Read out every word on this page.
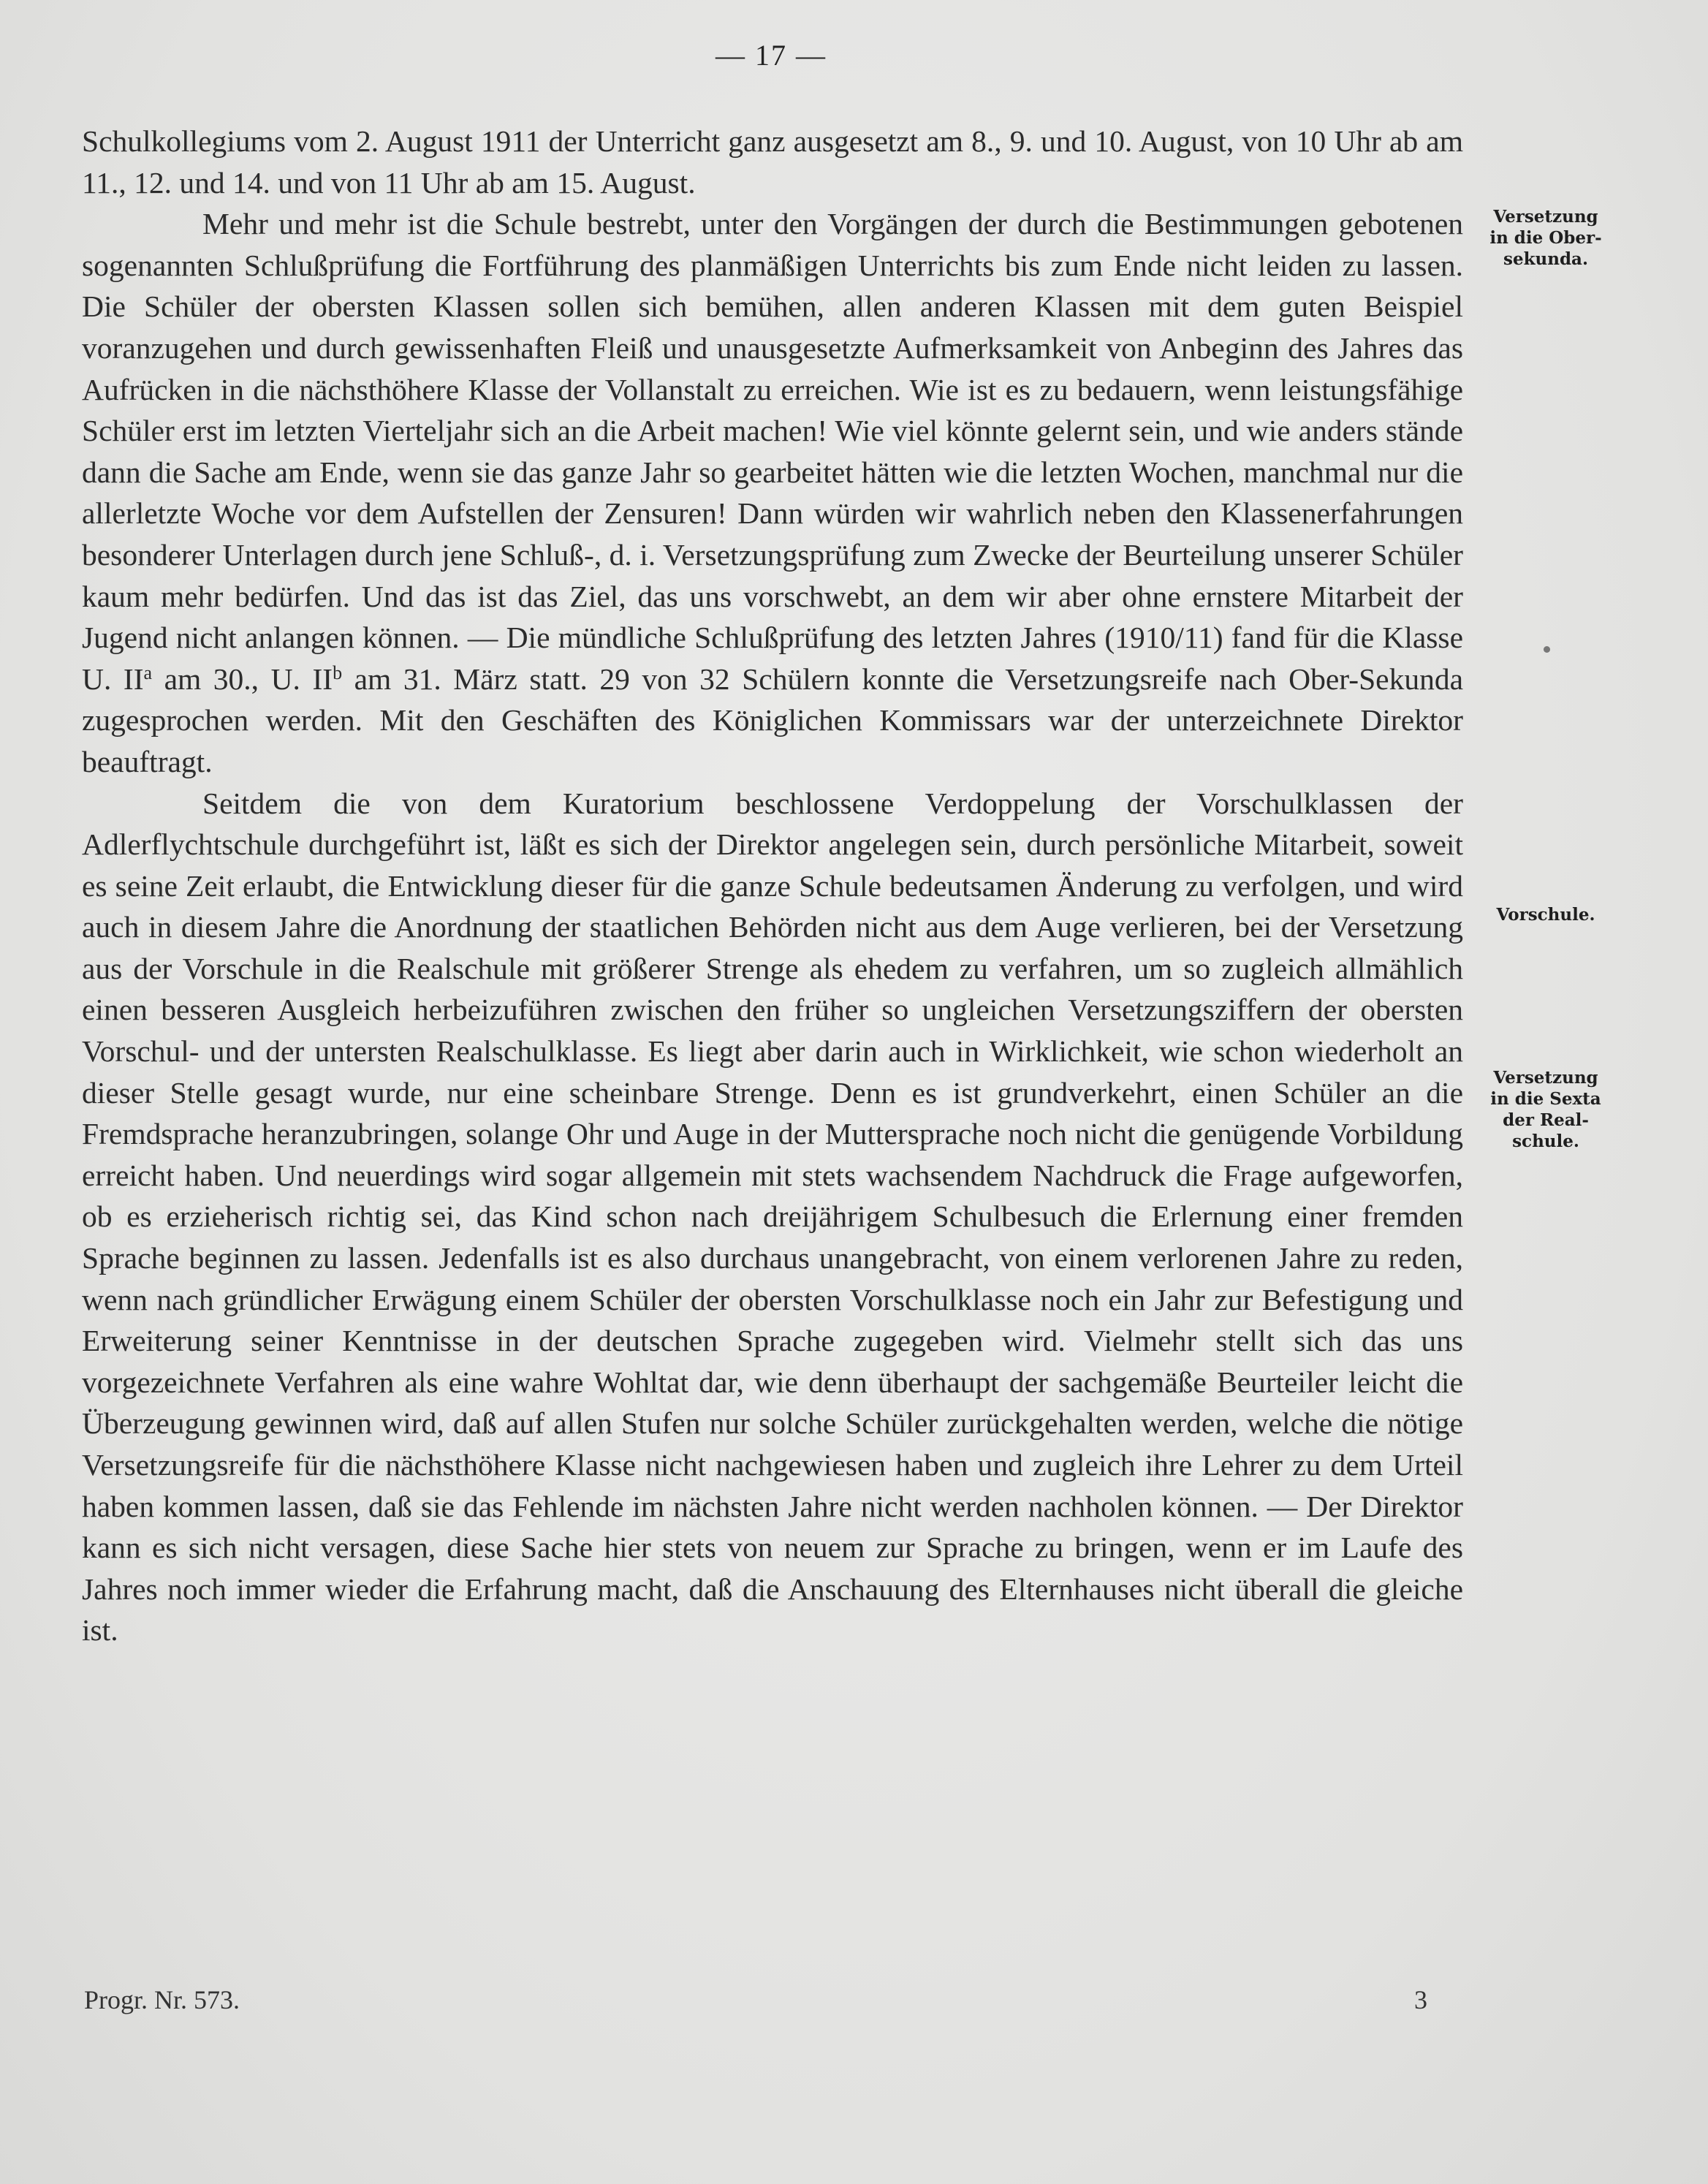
— 17 —

Schulkollegiums vom 2. August 1911 der Unterricht ganz ausgesetzt am 8., 9. und 10. August, von 10 Uhr ab am 11., 12. und 14. und von 11 Uhr ab am 15. August.

Mehr und mehr ist die Schule bestrebt, unter den Vorgängen der durch die Bestimmungen gebotenen sogenannten Schlußprüfung die Fortführung des planmäßigen Unterrichts bis zum Ende nicht leiden zu lassen. Die Schüler der obersten Klassen sollen sich bemühen, allen anderen Klassen mit dem guten Beispiel voranzugehen und durch gewissenhaften Fleiß und unausgesetzte Aufmerksamkeit von Anbeginn des Jahres das Aufrücken in die nächsthöhere Klasse der Vollanstalt zu erreichen. Wie ist es zu bedauern, wenn leistungsfähige Schüler erst im letzten Vierteljahr sich an die Arbeit machen! Wie viel könnte gelernt sein, und wie anders stände dann die Sache am Ende, wenn sie das ganze Jahr so gearbeitet hätten wie die letzten Wochen, manchmal nur die allerletzte Woche vor dem Aufstellen der Zensuren! Dann würden wir wahrlich neben den Klassenerfahrungen besonderer Unterlagen durch jene Schluß-, d. i. Versetzungsprüfung zum Zwecke der Beurteilung unserer Schüler kaum mehr bedürfen. Und das ist das Ziel, das uns vorschwebt, an dem wir aber ohne ernstere Mitarbeit der Jugend nicht anlangen können. — Die mündliche Schlußprüfung des letzten Jahres (1910/11) fand für die Klasse U. $II^a$ am 30., U. $II^b$ am 31. März statt. 29 von 32 Schülern konnte die Versetzungsreife nach Ober-Sekunda zugesprochen werden. Mit den Geschäften des Königlichen Kommissars war der unterzeichnete Direktor beauftragt.

Seitdem die von dem Kuratorium beschlossene Verdoppelung der Vorschulklassen der Adlerflychtschule durchgeführt ist, läßt es sich der Direktor angelegen sein, durch persönliche Mitarbeit, soweit es seine Zeit erlaubt, die Entwicklung dieser für die ganze Schule bedeutsamen Änderung zu verfolgen, und wird auch in diesem Jahre die Anordnung der staatlichen Behörden nicht aus dem Auge verlieren, bei der Versetzung aus der Vorschule in die Realschule mit größerer Strenge als ehedem zu verfahren, um so zugleich allmählich einen besseren Ausgleich herbeizuführen zwischen den früher so ungleichen Versetzungsziffern der obersten Vorschul- und der untersten Realschulklasse. Es liegt aber darin auch in Wirklichkeit, wie schon wiederholt an dieser Stelle gesagt wurde, nur eine scheinbare Strenge. Denn es ist grundverkehrt, einen Schüler an die Fremdsprache heranzubringen, solange Ohr und Auge in der Muttersprache noch nicht die genügende Vorbildung erreicht haben. Und neuerdings wird sogar allgemein mit stets wachsendem Nachdruck die Frage aufgeworfen, ob es erzieherisch richtig sei, das Kind schon nach dreijährigem Schulbesuch die Erlernung einer fremden Sprache beginnen zu lassen. Jedenfalls ist es also durchaus unangebracht, von einem verlorenen Jahre zu reden, wenn nach gründlicher Erwägung einem Schüler der obersten Vorschulklasse noch ein Jahr zur Befestigung und Erweiterung seiner Kenntnisse in der deutschen Sprache zugegeben wird. Vielmehr stellt sich das uns vorgezeichnete Verfahren als eine wahre Wohltat dar, wie denn überhaupt der sachgemäße Beurteiler leicht die Überzeugung gewinnen wird, daß auf allen Stufen nur solche Schüler zurückgehalten werden, welche die nötige Versetzungsreife für die nächsthöhere Klasse nicht nachgewiesen haben und zugleich ihre Lehrer zu dem Urteil haben kommen lassen, daß sie das Fehlende im nächsten Jahre nicht werden nachholen können. — Der Direktor kann es sich nicht versagen, diese Sache hier stets von neuem zur Sprache zu bringen, wenn er im Laufe des Jahres noch immer wieder die Erfahrung macht, daß die Anschauung des Elternhauses nicht überall die gleiche ist.

Versetzung
in die Ober-
sekunda.
Vorschule.
Versetzung
in die Sexta
der Real-
schule.
Progr. Nr. 573.	3
